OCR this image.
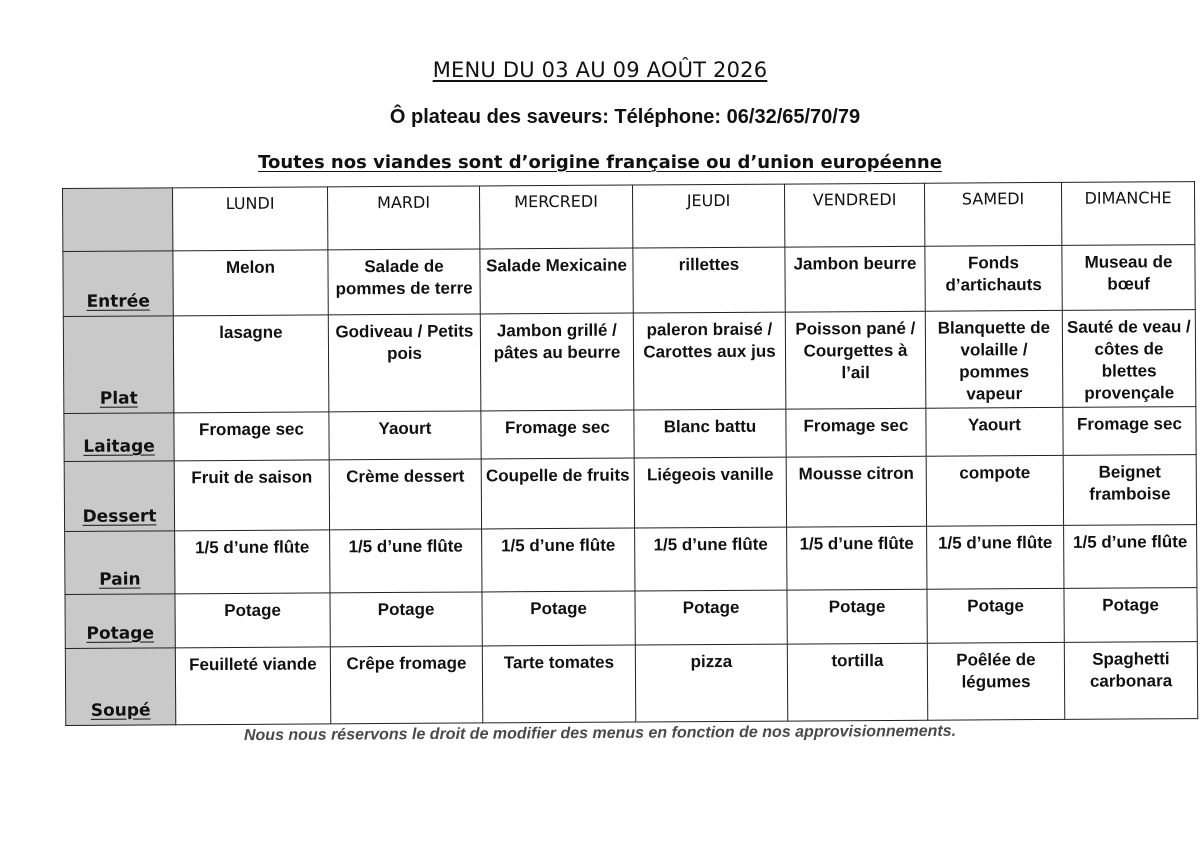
MENU DU 03 AU 09 AOÛT 2026
Ô plateau des saveurs: Téléphone: 06/32/65/70/79
Toutes nos viandes sont d’origine française ou d’union européenne
	LUNDI	MARDI	MERCREDI	JEUDI	VENDREDI	SAMEDI	DIMANCHE
Entrée	Melon	Salade de pommes de terre	Salade Mexicaine	rillettes	Jambon beurre	Fonds d’artichauts	Museau de bœuf
Plat	lasagne	Godiveau / Petits pois	Jambon grillé / pâtes au beurre	paleron braisé / Carottes aux jus	Poisson pané / Courgettes à l’ail	Blanquette de volaille / pommes vapeur	Sauté de veau / côtes de blettes provençale
Laitage	Fromage sec	Yaourt	Fromage sec	Blanc battu	Fromage sec	Yaourt	Fromage sec
Dessert	Fruit de saison	Crème dessert	Coupelle de fruits	Liégeois vanille	Mousse citron	compote	Beignet framboise
Pain	1/5 d’une flûte	1/5 d’une flûte	1/5 d’une flûte	1/5 d’une flûte	1/5 d’une flûte	1/5 d’une flûte	1/5 d’une flûte
Potage	Potage	Potage	Potage	Potage	Potage	Potage	Potage
Soupé	Feuilleté viande	Crêpe fromage	Tarte tomates	pizza	tortilla	Poêlée de légumes	Spaghetti carbonara
Nous nous réservons le droit de modifier des menus en fonction de nos approvisionnements.
